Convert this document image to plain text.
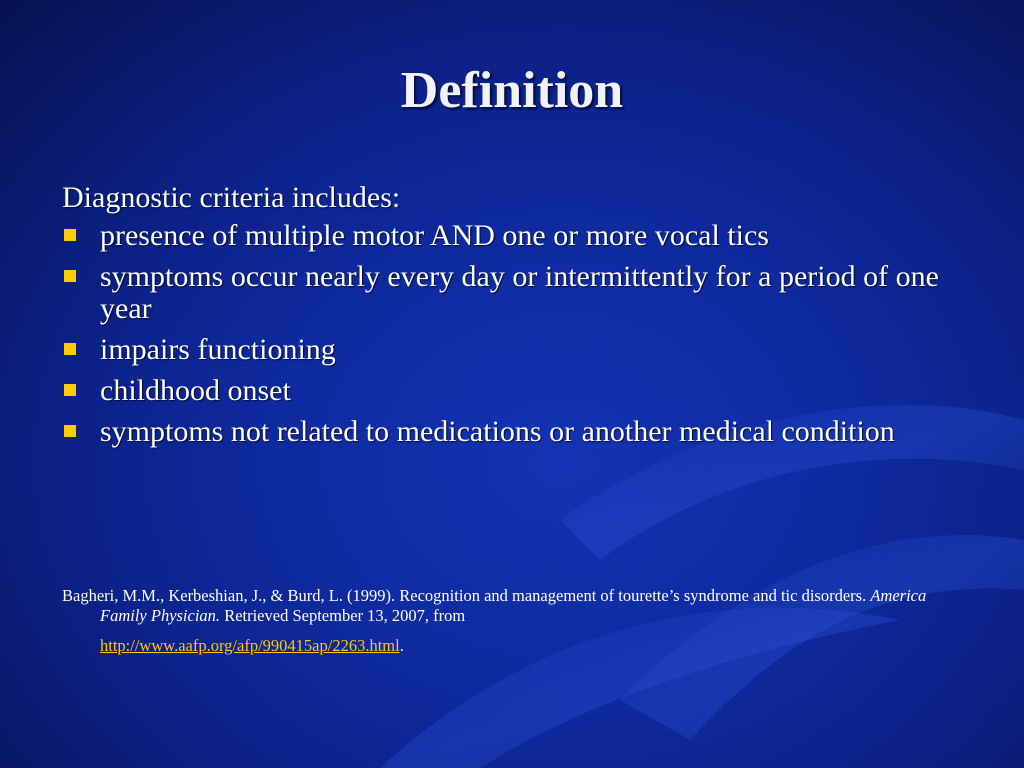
Definition
Diagnostic criteria includes:
presence of multiple motor AND one or more vocal tics
symptoms occur nearly every day or intermittently for a period of one year
impairs functioning
childhood onset
symptoms not related to medications or another medical condition
Bagheri, M.M., Kerbeshian, J., & Burd, L. (1999). Recognition and management of tourette’s syndrome and tic disorders. America Family Physician. Retrieved September 13, 2007, from
http://www.aafp.org/afp/990415ap/2263.html.
